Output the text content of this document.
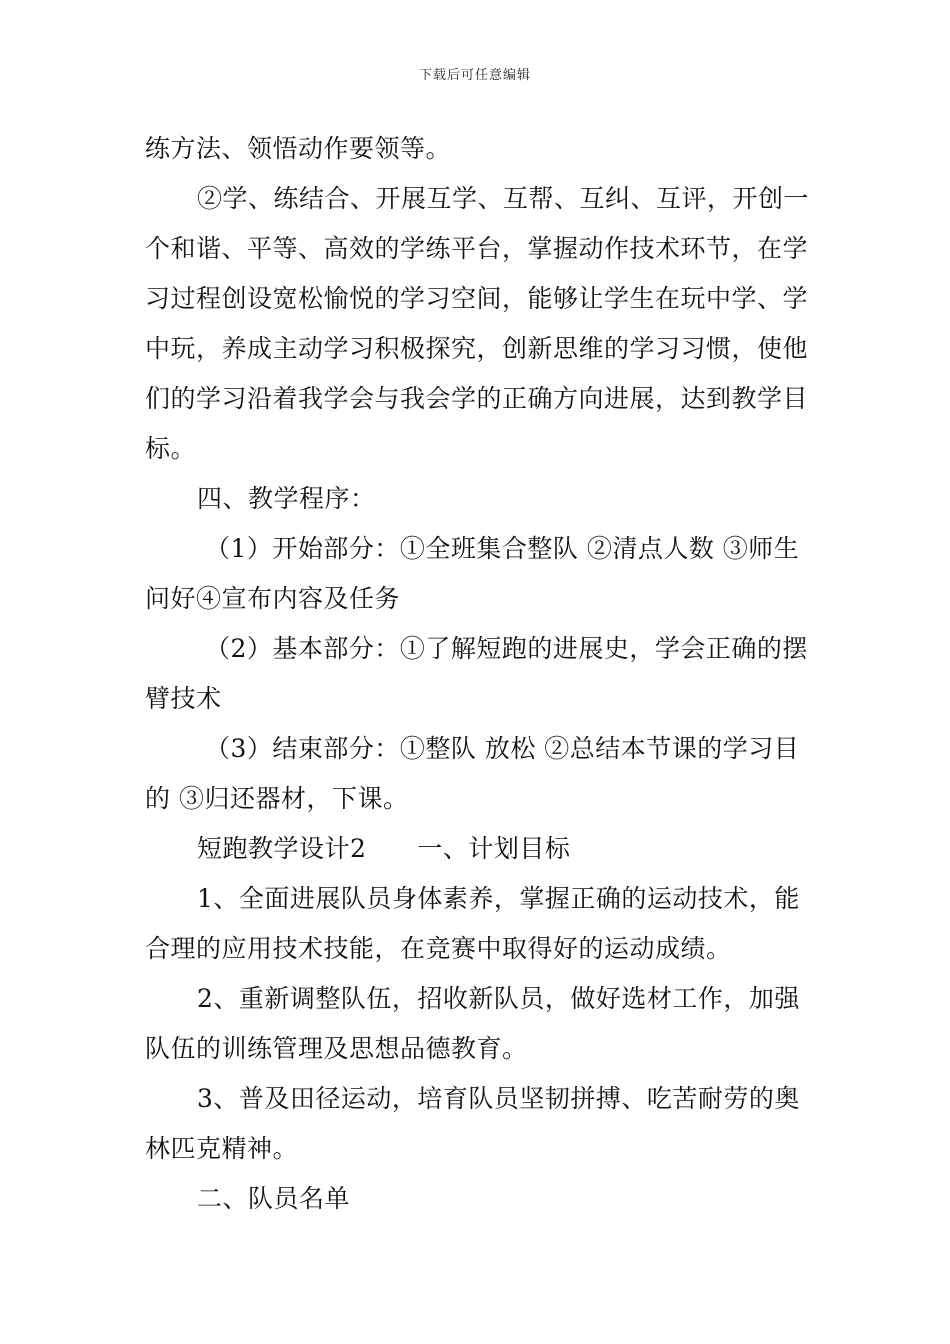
下载后可任意编辑

练方法、领悟动作要领等。

②学、练结合、开展互学、互帮、互纠、互评，开创一个和谐、平等、高效的学练平台，掌握动作技术环节，在学习过程创设宽松愉悦的学习空间，能够让学生在玩中学、学中玩，养成主动学习积极探究，创新思维的学习习惯，使他们的学习沿着我学会与我会学的正确方向进展，达到教学目标。

四、教学程序：

（1）开始部分：①全班集合整队 ②清点人数 ③师生问好④宣布内容及任务

（2）基本部分：①了解短跑的进展史，学会正确的摆臂技术

（3）结束部分：①整队 放松 ②总结本节课的学习目的 ③归还器材，下课。

短跑教学设计2　　一、计划目标

1、全面进展队员身体素养，掌握正确的运动技术，能合理的应用技术技能，在竞赛中取得好的运动成绩。

2、重新调整队伍，招收新队员，做好选材工作，加强队伍的训练管理及思想品德教育。

3、普及田径运动，培育队员坚韧拼搏、吃苦耐劳的奥林匹克精神。

二、队员名单
